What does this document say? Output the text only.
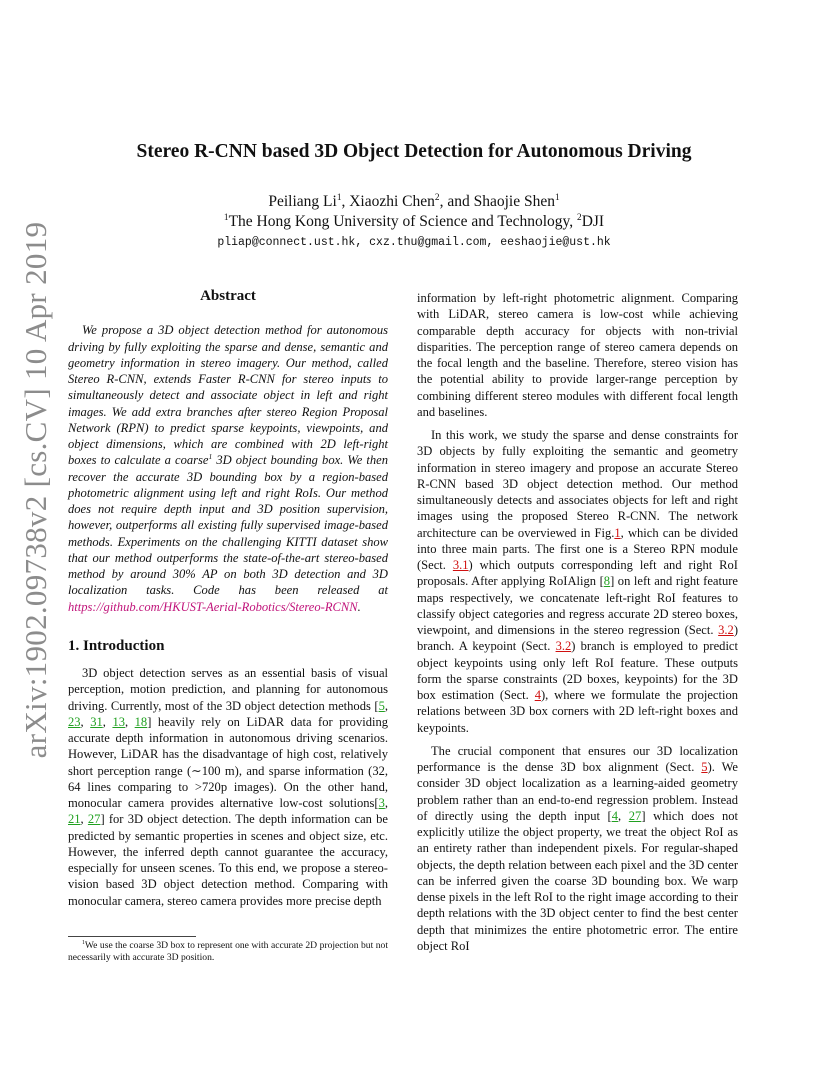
arXiv:1902.09738v2 [cs.CV] 10 Apr 2019
Stereo R-CNN based 3D Object Detection for Autonomous Driving
Peiliang Li$^1$, Xiaozhi Chen$^2$, and Shaojie Shen$^1$
$^1$The Hong Kong University of Science and Technology, $^2$DJI
pliap@connect.ust.hk, cxz.thu@gmail.com, eeshaojie@ust.hk
Abstract

We propose a 3D object detection method for autonomous driving by fully exploiting the sparse and dense, semantic and geometry information in stereo imagery. Our method, called Stereo R-CNN, extends Faster R-CNN for stereo inputs to simultaneously detect and associate object in left and right images. We add extra branches after stereo Region Proposal Network (RPN) to predict sparse keypoints, viewpoints, and object dimensions, which are combined with 2D left-right boxes to calculate a coarse$^1$ 3D object bounding box. We then recover the accurate 3D bounding box by a region-based photometric alignment using left and right RoIs. Our method does not require depth input and 3D position supervision, however, outperforms all existing fully supervised image-based methods. Experiments on the challenging KITTI dataset show that our method outperforms the state-of-the-art stereo-based method by around 30% AP on both 3D detection and 3D localization tasks. Code has been released at https://github.com/HKUST-Aerial-Robotics/Stereo-RCNN.

1. Introduction

3D object detection serves as an essential basis of visual perception, motion prediction, and planning for autonomous driving. Currently, most of the 3D object detection methods [5, 23, 31, 13, 18] heavily rely on LiDAR data for providing accurate depth information in autonomous driving scenarios. However, LiDAR has the disadvantage of high cost, relatively short perception range (∼100 m), and sparse information (32, 64 lines comparing to >720p images). On the other hand, monocular camera provides alternative low-cost solutions[3, 21, 27] for 3D object detection. The depth information can be predicted by semantic properties in scenes and object size, etc. However, the inferred depth cannot guarantee the accuracy, especially for unseen scenes. To this end, we propose a stereo-vision based 3D object detection method. Comparing with monocular camera, stereo camera provides more precise depth

information by left-right photometric alignment. Comparing with LiDAR, stereo camera is low-cost while achieving comparable depth accuracy for objects with non-trivial disparities. The perception range of stereo camera depends on the focal length and the baseline. Therefore, stereo vision has the potential ability to provide larger-range perception by combining different stereo modules with different focal length and baselines.

In this work, we study the sparse and dense constraints for 3D objects by fully exploiting the semantic and geometry information in stereo imagery and propose an accurate Stereo R-CNN based 3D object detection method. Our method simultaneously detects and associates objects for left and right images using the proposed Stereo R-CNN. The network architecture can be overviewed in Fig.1, which can be divided into three main parts. The first one is a Stereo RPN module (Sect. 3.1) which outputs corresponding left and right RoI proposals. After applying RoIAlign [8] on left and right feature maps respectively, we concatenate left-right RoI features to classify object categories and regress accurate 2D stereo boxes, viewpoint, and dimensions in the stereo regression (Sect. 3.2) branch. A keypoint (Sect. 3.2) branch is employed to predict object keypoints using only left RoI feature. These outputs form the sparse constraints (2D boxes, keypoints) for the 3D box estimation (Sect. 4), where we formulate the projection relations between 3D box corners with 2D left-right boxes and keypoints.

The crucial component that ensures our 3D localization performance is the dense 3D box alignment (Sect. 5). We consider 3D object localization as a learning-aided geometry problem rather than an end-to-end regression problem. Instead of directly using the depth input [4, 27] which does not explicitly utilize the object property, we treat the object RoI as an entirety rather than independent pixels. For regular-shaped objects, the depth relation between each pixel and the 3D center can be inferred given the coarse 3D bounding box. We warp dense pixels in the left RoI to the right image according to their depth relations with the 3D object center to find the best center depth that minimizes the entire photometric error. The entire object RoI

$^1$We use the coarse 3D box to represent one with accurate 2D projection but not necessarily with accurate 3D position.
